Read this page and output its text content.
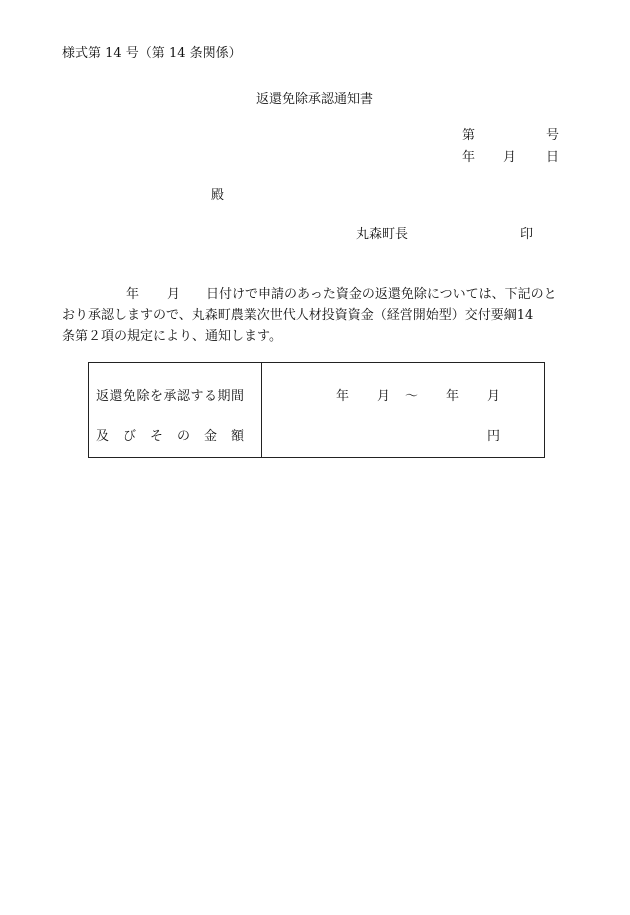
様式第 14 号（第 14 条関係）
返還免除承認通知書
第	号
年 月 日
殿
丸森町長	印
年 月 日付けで申請のあった資金の返還免除については、下記のと
おり承認しますので、丸森町農業次世代人材投資資金（経営開始型）交付要綱14
条第２項の規定により、通知します。
返還免除を承認する期間
及 び そ の 金 額
年 月 〜 年 月
円
